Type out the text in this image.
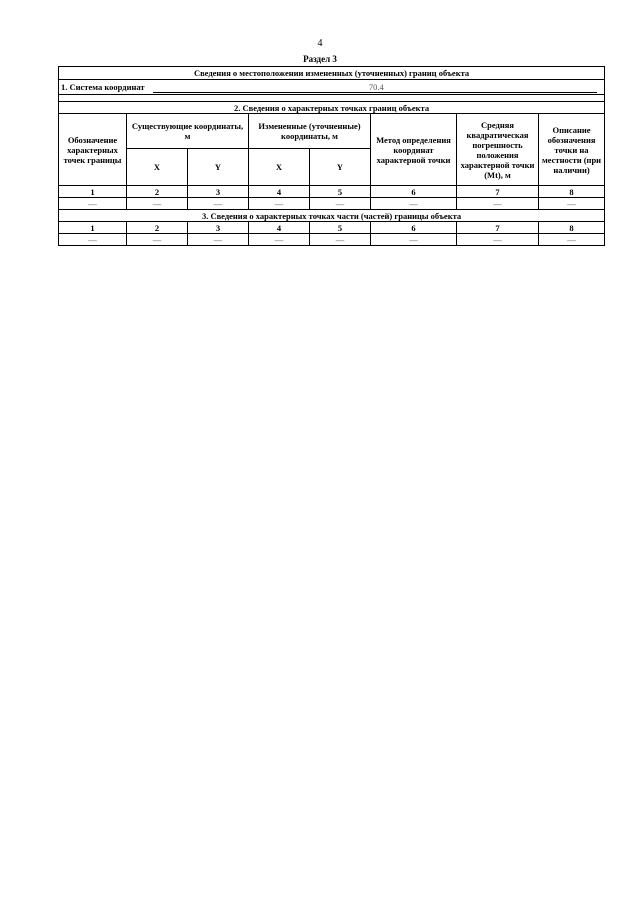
4
Раздел 3
Сведения о местоположении измененных (уточненных) границ объекта							

1. Система координат 70.4							

2. Сведения о характерных точках границ объекта							
Обозначение характерных точек границы	Существующие координаты, м		Измененные (уточненные) координаты, м		Метод определения координат характерной точки	Средняя квадратическая погрешность положения характерной точки (Mt), м	Описание обозначения точки на местности (при наличии)
	X	Y	X	Y			
1	2	3	4	5	6	7	8
—	—	—	—	—	—	—	—
3. Сведения о характерных точках части (частей) границы объекта							
1	2	3	4	5	6	7	8
—	—	—	—	—	—	—	—
